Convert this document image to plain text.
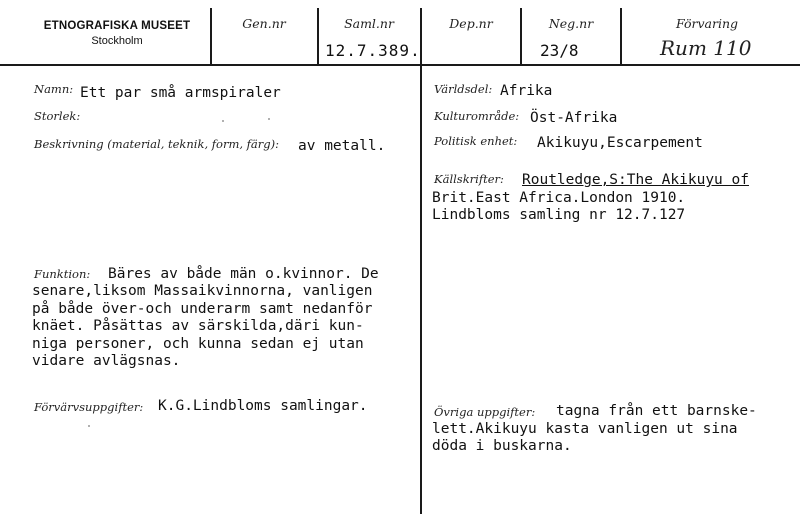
ETNOGRAFISKA MUSEET
Stockholm
Gen.nr	Saml.nr
12.7.389.
Dep.nr	Neg.nr
23/8
Förvaring
Rum 110
Namn: Ett par små armspiraler
Storlek:
Beskrivning (material, teknik, form, färg): av metall.
Funktion: Bäres av både män o.kvinnor. De
senare,liksom Massaikvinnorna, vanligen
på både över-och underarm samt nedanför
knäet. Påsättas av särskilda,däri kun-
niga personer, och kunna sedan ej utan
vidare avlägsnas.
Förvärvsuppgifter: K.G.Lindbloms samlingar.
Världsdel: Afrika
Kulturområde: Öst-Afrika
Politisk enhet: Akikuyu,Escarpement
Källskrifter: Routledge,S:The Akikuyu of
Brit.East Africa.London 1910.
Lindbloms samling nr 12.7.127
Övriga uppgifter: tagna från ett barnske-
lett.Akikuyu kasta vanligen ut sina
döda i buskarna.
